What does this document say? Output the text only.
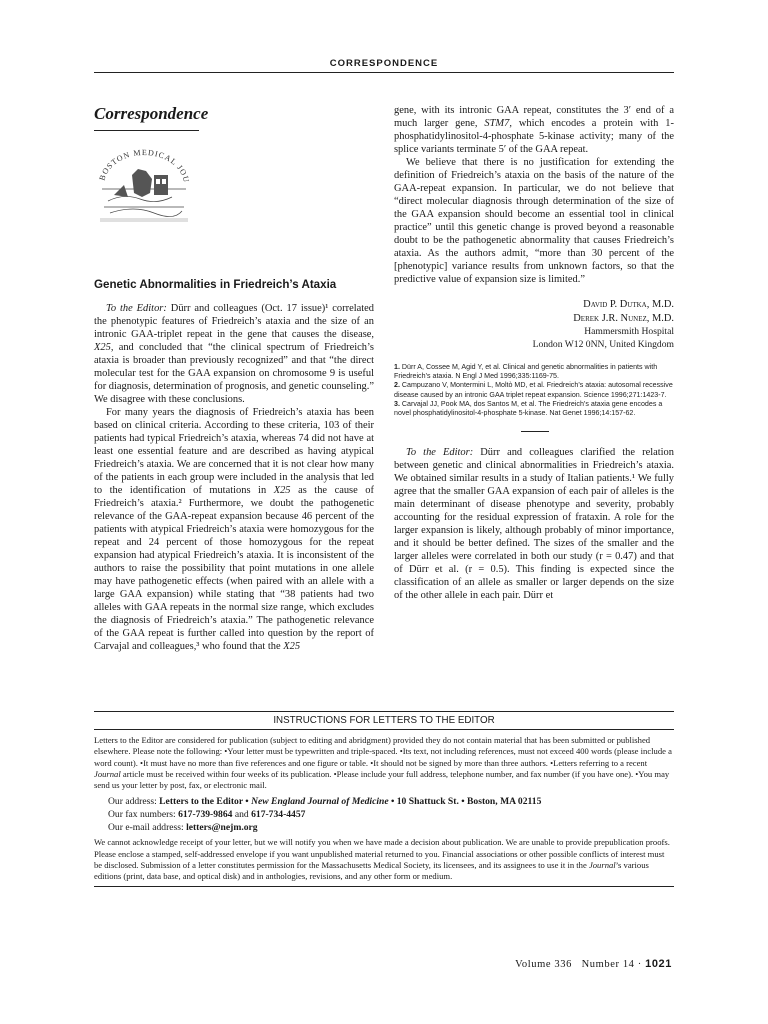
CORRESPONDENCE
Correspondence
BOSTON MEDICAL JOU
Genetic Abnormalities in Friedreich’s Ataxia

To the Editor: Dürr and colleagues (Oct. 17 issue)¹ correlated the phenotypic features of Friedreich’s ataxia and the size of an intronic GAA-triplet repeat in the gene that causes the disease, X25, and concluded that “the clinical spectrum of Friedreich’s ataxia is broader than previously recognized” and that “the direct molecular test for the GAA expansion on chromosome 9 is useful for diagnosis, determination of prognosis, and genetic counseling.” We disagree with these conclusions.

For many years the diagnosis of Friedreich’s ataxia has been based on clinical criteria. According to these criteria, 103 of their patients had typical Friedreich’s ataxia, whereas 74 did not have at least one essential feature and are described as having atypical Friedreich’s ataxia. We are concerned that it is not clear how many of the patients in each group were included in the analysis that led to the identification of mutations in X25 as the cause of Friedreich’s ataxia.² Furthermore, we doubt the pathogenetic relevance of the GAA-repeat expansion because 46 percent of the patients with atypical Friedreich’s ataxia were homozygous for the repeat and 24 percent of those homozygous for the repeat expansion had atypical Friedreich’s ataxia. It is inconsistent of the authors to raise the possibility that point mutations in one allele may have pathogenetic effects (when paired with an allele with a large GAA expansion) while stating that “38 patients had two alleles with GAA repeats in the normal size range, which excludes the diagnosis of Friedreich’s ataxia.” The pathogenetic relevance of the GAA repeat is further called into question by the report of Carvajal and colleagues,³ who found that the X25

gene, with its intronic GAA repeat, constitutes the 3′ end of a much larger gene, STM7, which encodes a protein with 1-phosphatidylinositol-4-phosphate 5-kinase activity; many of the splice variants terminate 5′ of the GAA repeat.

We believe that there is no justification for extending the definition of Friedreich’s ataxia on the basis of the nature of the GAA-repeat expansion. In particular, we do not believe that “direct molecular diagnosis through determination of the size of the GAA expansion should become an essential tool in clinical practice” until this genetic change is proved beyond a reasonable doubt to be the pathogenetic abnormality that causes Friedreich’s ataxia. As the authors admit, “more than 30 percent of the [phenotypic] variance results from unknown factors, so that the predictive value of expansion size is limited.”

David P. Dutka, M.D.

Derek J.R. Nunez, M.D.

Hammersmith Hospital

London W12 0NN, United Kingdom

1. Dürr A, Cossee M, Agid Y, et al. Clinical and genetic abnormalities in patients with Friedreich’s ataxia. N Engl J Med 1996;335:1169-75.
2. Campuzano V, Montermini L, Moltò MD, et al. Friedreich’s ataxia: autosomal recessive disease caused by an intronic GAA triplet repeat expansion. Science 1996;271:1423-7.
3. Carvajal JJ, Pook MA, dos Santos M, et al. The Friedreich’s ataxia gene encodes a novel phosphatidylinositol-4-phosphate 5-kinase. Nat Genet 1996;14:157-62.

To the Editor: Dürr and colleagues clarified the relation between genetic and clinical abnormalities in Friedreich’s ataxia. We obtained similar results in a study of Italian patients.¹ We fully agree that the smaller GAA expansion of each pair of alleles is the main determinant of disease phenotype and severity, probably accounting for the residual expression of frataxin. A role for the larger expansion is likely, although probably of minor importance, and it should be better defined. The sizes of the smaller and the larger alleles were correlated in both our study (r = 0.47) and that of Dürr et al. (r = 0.5). This finding is expected since the classification of an allele as smaller or larger depends on the size of the other allele in each pair. Dürr et

INSTRUCTIONS FOR LETTERS TO THE EDITOR

Letters to the Editor are considered for publication (subject to editing and abridgment) provided they do not contain material that has been submitted or published elsewhere. Please note the following: •Your letter must be typewritten and triple-spaced. •Its text, not including references, must not exceed 400 words (please include a word count). •It must have no more than five references and one figure or table. •It should not be signed by more than three authors. •Letters referring to a recent Journal article must be received within four weeks of its publication. •Please include your full address, telephone number, and fax number (if you have one). •You may send us your letter by post, fax, or electronic mail.

Our address: Letters to the Editor • New England Journal of Medicine • 10 Shattuck St. • Boston, MA 02115

Our fax numbers: 617-739-9864 and 617-734-4457

Our e-mail address: letters@nejm.org

We cannot acknowledge receipt of your letter, but we will notify you when we have made a decision about publication. We are unable to provide prepublication proofs. Please enclose a stamped, self-addressed envelope if you want unpublished material returned to you. Financial associations or other possible conflicts of interest must be disclosed. Submission of a letter constitutes permission for the Massachusetts Medical Society, its licensees, and its assignees to use it in the Journal’s various editions (print, data base, and optical disk) and in anthologies, revisions, and any other form or medium.

Volume 336   Number 14 · 1021
